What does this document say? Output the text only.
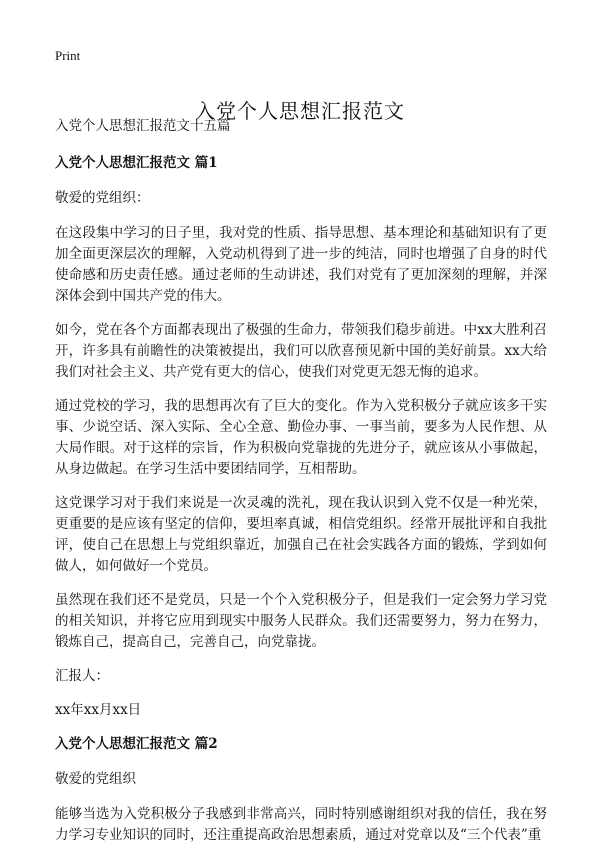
Print
入党个人思想汇报范文

入党个人思想汇报范文十五篇

入党个人思想汇报范文 篇1

敬爱的党组织：

在这段集中学习的日子里，我对党的性质、指导思想、基本理论和基础知识有了更加全面更深层次的理解，入党动机得到了进一步的纯洁，同时也增强了自身的时代使命感和历史责任感。通过老师的生动讲述，我们对党有了更加深刻的理解，并深深体会到中国共产党的伟大。

如今，党在各个方面都表现出了极强的生命力，带领我们稳步前进。中xx大胜利召开，许多具有前瞻性的决策被提出，我们可以欣喜预见新中国的美好前景。xx大给我们对社会主义、共产党有更大的信心，使我们对党更无怨无悔的追求。

通过党校的学习，我的思想再次有了巨大的变化。作为入党积极分子就应该多干实事、少说空话、深入实际、全心全意、勤俭办事、一事当前，要多为人民作想、从大局作眼。对于这样的宗旨，作为积极向党靠拢的先进分子，就应该从小事做起，从身边做起。在学习生活中要团结同学，互相帮助。

这党课学习对于我们来说是一次灵魂的洗礼，现在我认识到入党不仅是一种光荣，更重要的是应该有坚定的信仰，要坦率真诚，相信党组织。经常开展批评和自我批评，使自己在思想上与党组织靠近，加强自己在社会实践各方面的锻炼，学到如何做人，如何做好一个党员。

虽然现在我们还不是党员，只是一个个入党积极分子，但是我们一定会努力学习党的相关知识，并将它应用到现实中服务人民群众。我们还需要努力，努力在努力，锻炼自己，提高自己，完善自己，向党靠拢。

汇报人：

xx年xx月xx日

入党个人思想汇报范文 篇2

敬爱的党组织

能够当选为入党积极分子我感到非常高兴，同时特别感谢组织对我的信任，我在努力学习专业知识的同时，还注重提高政治思想素质，通过对党章以及“三个代表”重
